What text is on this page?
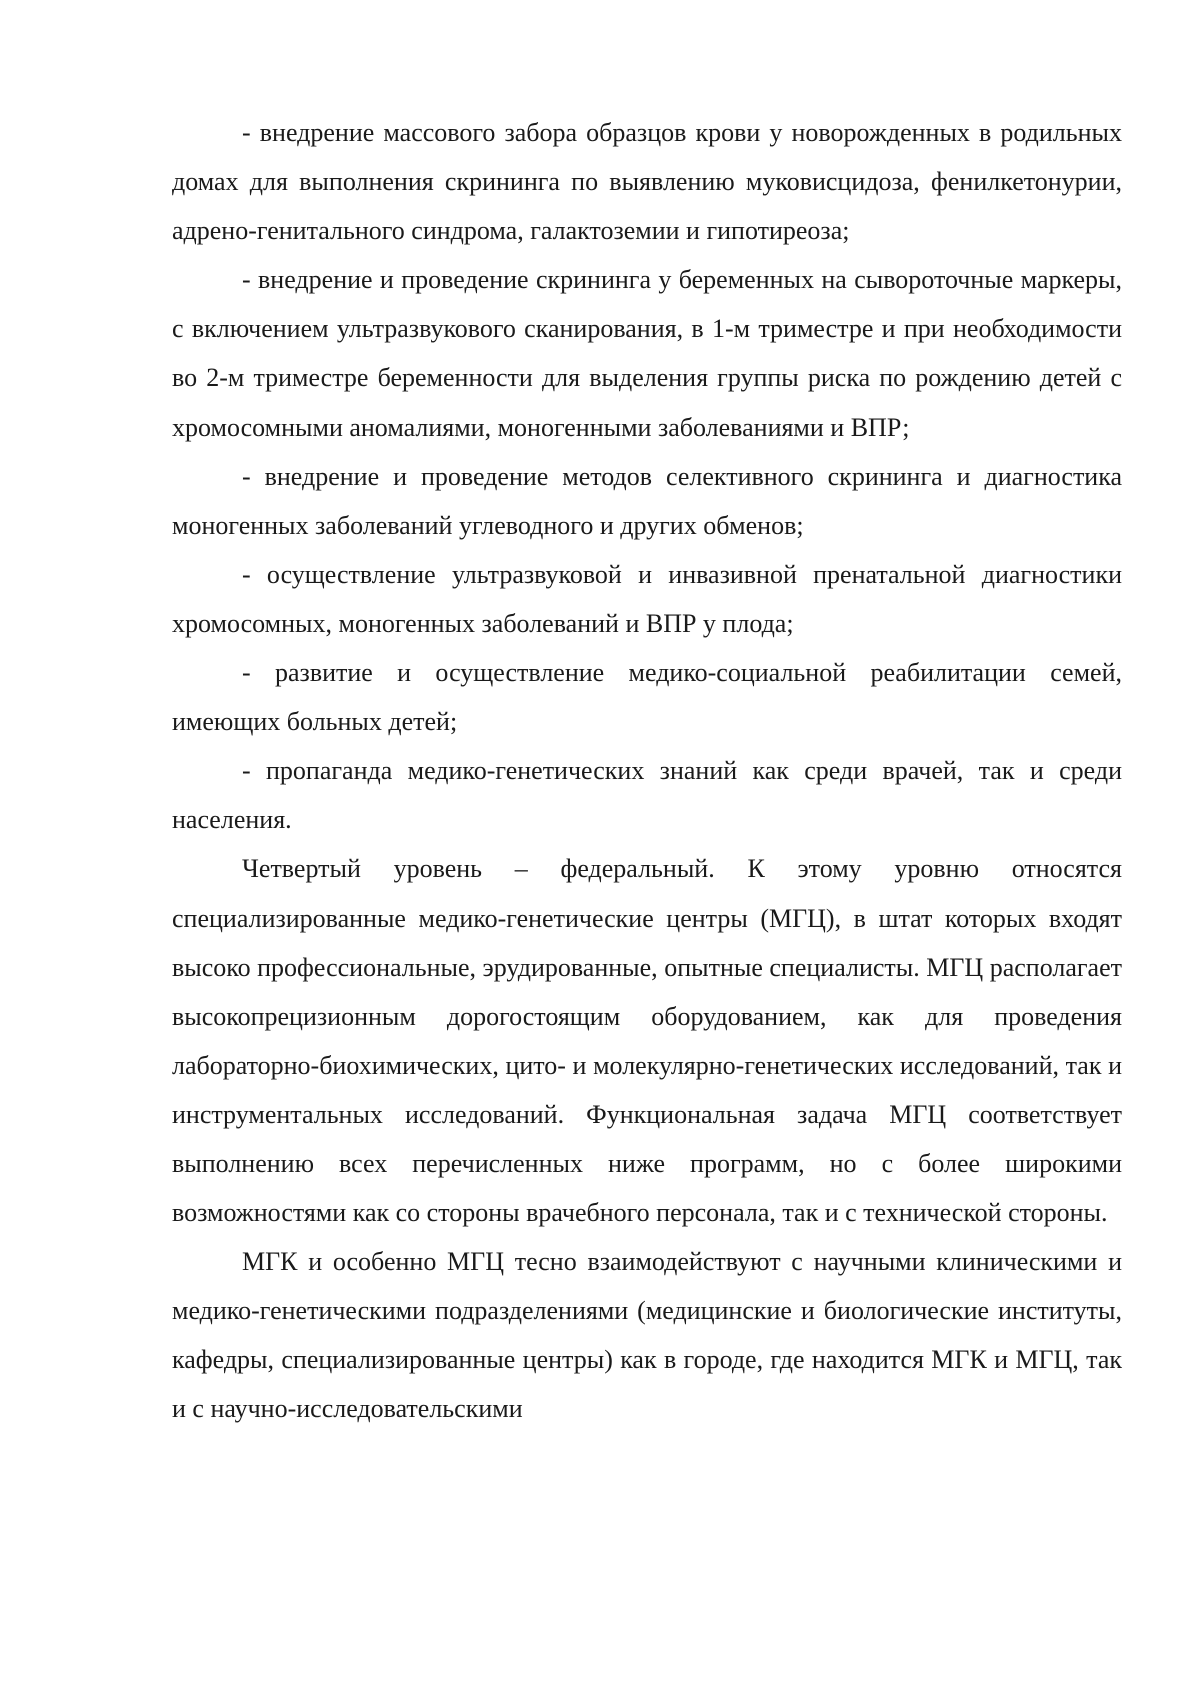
- внедрение массового забора образцов крови у новорожденных в родильных домах для выполнения скрининга по выявлению муковисцидоза, фенилкетонурии, адрено-генитального синдрома, галактоземии и гипотиреоза;

- внедрение и проведение скрининга у беременных на сывороточные маркеры, с включением ультразвукового сканирования, в 1-м триместре и при необходимости во 2-м триместре беременности для выделения группы риска по рождению детей с хромосомными аномалиями, моногенными заболеваниями и ВПР;

- внедрение и проведение методов селективного скрининга и диагностика моногенных заболеваний углеводного и других обменов;

- осуществление ультразвуковой и инвазивной пренатальной диагностики хромосомных, моногенных заболеваний и ВПР у плода;

- развитие и осуществление медико-социальной реабилитации семей, имеющих больных детей;

- пропаганда медико-генетических знаний как среди врачей, так и среди населения.

Четвертый уровень – федеральный. К этому уровню относятся специализированные медико-генетические центры (МГЦ), в штат которых входят высоко профессиональные, эрудированные, опытные специалисты. МГЦ располагает высокопрецизионным дорогостоящим оборудованием, как для проведения лабораторно-биохимических, цито- и молекулярно-генетических исследований, так и инструментальных исследований. Функциональная задача МГЦ соответствует выполнению всех перечисленных ниже программ, но с более широкими возможностями как со стороны врачебного персонала, так и с технической стороны.

МГК и особенно МГЦ тесно взаимодействуют с научными клиническими и медико-генетическими подразделениями (медицинские и биологические институты, кафедры, специализированные центры) как в городе, где находится МГК и МГЦ, так и с научно-исследовательскими
